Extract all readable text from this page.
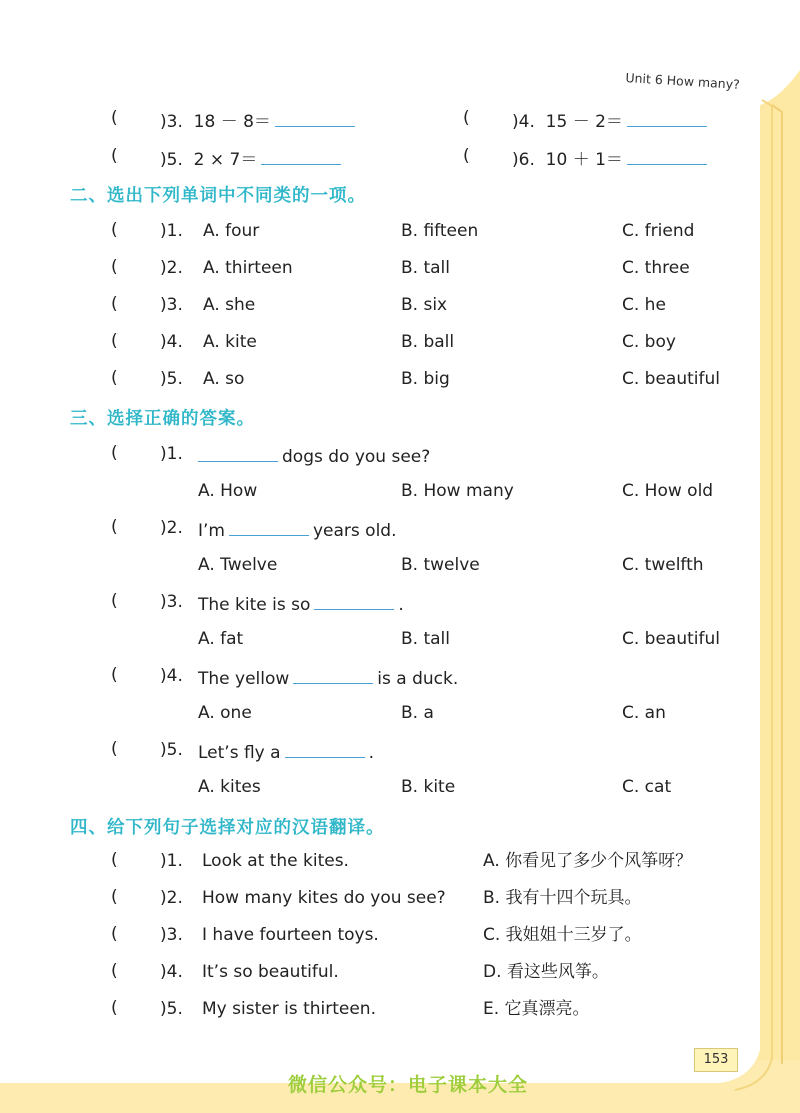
Unit 6 How many?
( )3. 18 － 8＝	( )4. 15 － 2＝
( )5. 2 × 7＝	( )6. 10 ＋ 1＝
二、选出下列单词中不同类的一项。
( )1. A. four	B. fifteen	C. friend
( )2. A. thirteen	B. tall	C. three
( )3. A. she	B. six	C. he
( )4. A. kite	B. ball	C. boy
( )5. A. so	B. big	C. beautiful
三、选择正确的答案。
( )1.	dogs do you see?
A. How	B. How many	C. How old
( )2. I’m	years old.
A. Twelve	B. twelve	C. twelfth
( )3. The kite is so	.
A. fat	B. tall	C. beautiful
( )4. The yellow	is a duck.
A. one	B. a	C. an
( )5. Let’s fly a	.
A. kites	B. kite	C. cat
四、给下列句子选择对应的汉语翻译。
( )1. Look at the kites.	A. 你看见了多少个风筝呀？
( )2. How many kites do you see? B. 我有十四个玩具。
( )3. I have fourteen toys.	C. 我姐姐十三岁了。
( )4. It’s so beautiful.	D. 看这些风筝。
( )5. My sister is thirteen.	E. 它真漂亮。
153
微信公众号：电子课本大全
